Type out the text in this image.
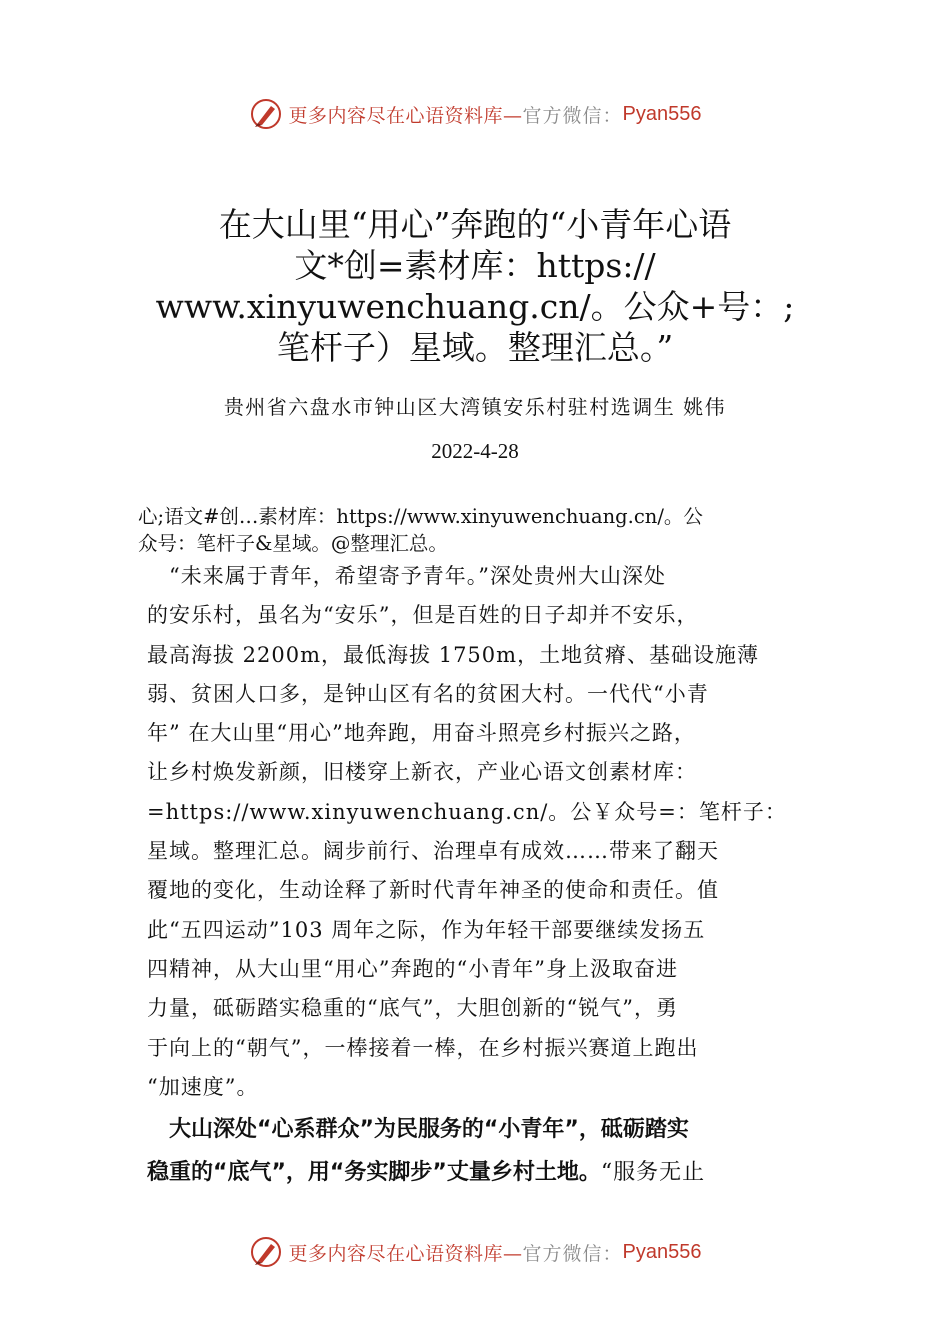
更多内容尽在心语资料库— 官方微信： Pyan556
在大山里“用心”奔跑的“小青年心语
文*创=素材库：https://
www.xinyuwenchuang.cn/。公众+号：;
笔杆子）星域。整理汇总。”
贵州省六盘水市钟山区大湾镇安乐村驻村选调生 姚伟
2022-4-28
心;语文#创…素材库：https://www.xinyuwenchuang.cn/。公
众号：笔杆子&星域。@整理汇总。
　“未来属于青年，希望寄予青年。”深处贵州大山深处
的安乐村，虽名为“安乐”，但是百姓的日子却并不安乐，
最高海拔 2200m，最低海拔 1750m，土地贫瘠、基础设施薄
弱、贫困人口多，是钟山区有名的贫困大村。一代代“小青
年” 在大山里“用心”地奔跑，用奋斗照亮乡村振兴之路，
让乡村焕发新颜，旧楼穿上新衣，产业心语文创素材库：
=https://www.xinyuwenchuang.cn/。公￥众号=：笔杆子：
星域。整理汇总。阔步前行、治理卓有成效……带来了翻天
覆地的变化，生动诠释了新时代青年神圣的使命和责任。值
此“五四运动”103 周年之际，作为年轻干部要继续发扬五
四精神，从大山里“用心”奔跑的“小青年”身上汲取奋进
力量，砥砺踏实稳重的“底气”，大胆创新的“锐气”，勇
于向上的“朝气”，一棒接着一棒，在乡村振兴赛道上跑出
“加速度”。
　大山深处“心系群众”为民服务的“小青年”，砥砺踏实
稳重的“底气”，用“务实脚步”丈量乡村土地。“服务无止
更多内容尽在心语资料库— 官方微信： Pyan556
